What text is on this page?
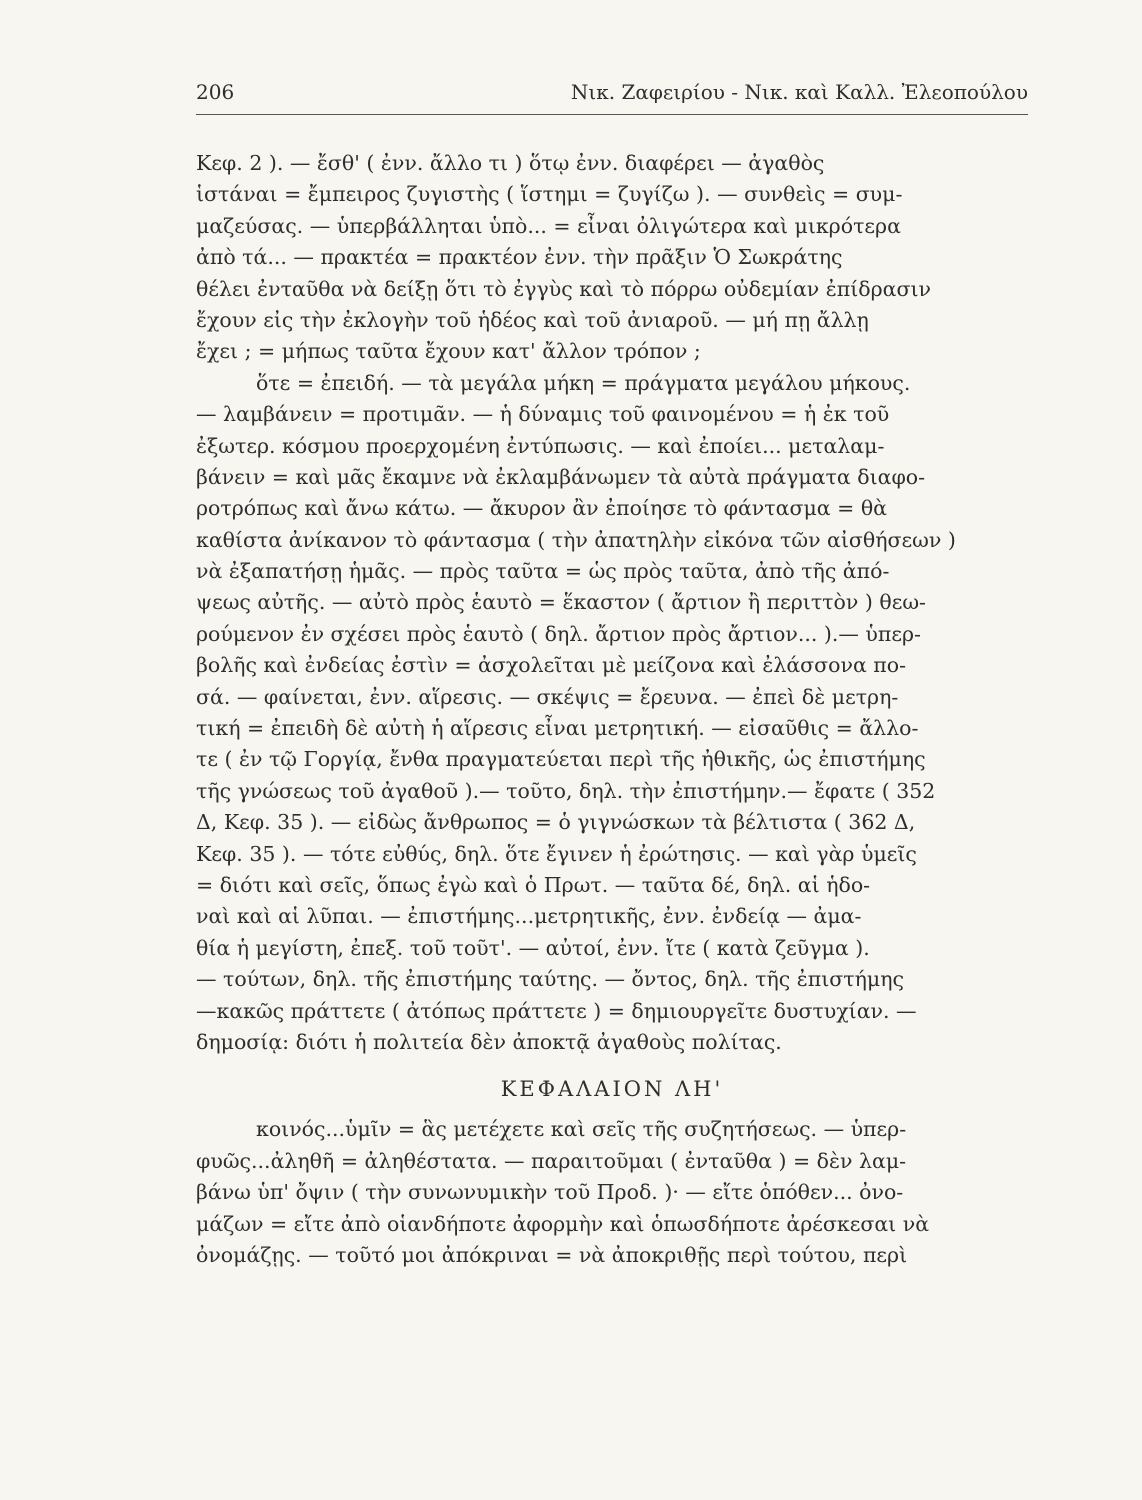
206	Νικ. Ζαφειρίου - Νικ. καὶ Καλλ. Ἐλεοπούλου
Κεφ. 2 ). — ἔσθ' ( ἐνν. ἄλλο τι ) ὅτῳ ἐνν. διαφέρει — ἀγαθὸς
ἱστάναι = ἔμπειρος ζυγιστὴς ( ἵστημι = ζυγίζω ). — συνθεὶς = συμ-
μαζεύσας. — ὑπερβάλληται ὑπὸ... = εἶναι ὀλιγώτερα καὶ μικρότερα
ἀπὸ τά... — πρακτέα = πρακτέον ἐνν. τὴν πρᾶξιν Ὁ Σωκράτης
θέλει ἐνταῦθα νὰ δείξῃ ὅτι τὸ ἐγγὺς καὶ τὸ πόρρω οὐδεμίαν ἐπίδρασιν
ἔχουν εἰς τὴν ἐκλογὴν τοῦ ἡδέος καὶ τοῦ ἀνιαροῦ. — μή πῃ ἄλλῃ
ἔχει ; = μήπως ταῦτα ἔχουν κατ' ἄλλον τρόπον ;
ὅτε = ἐπειδή. — τὰ μεγάλα μήκη = πράγματα μεγάλου μήκους.
— λαμβάνειν = προτιμᾶν. — ἡ δύναμις τοῦ φαινομένου = ἡ ἐκ τοῦ
ἐξωτερ. κόσμου προερχομένη ἐντύπωσις. — καὶ ἐποίει... μεταλαμ-
βάνειν = καὶ μᾶς ἔκαμνε νὰ ἐκλαμβάνωμεν τὰ αὐτὰ πράγματα διαφο-
ροτρόπως καὶ ἄνω κάτω. — ἄκυρον ἂν ἐποίησε τὸ φάντασμα = θὰ
καθίστα ἀνίκανον τὸ φάντασμα ( τὴν ἀπατηλὴν εἰκόνα τῶν αἰσθήσεων )
νὰ ἐξαπατήσῃ ἡμᾶς. — πρὸς ταῦτα = ὡς πρὸς ταῦτα, ἀπὸ τῆς ἀπό-
ψεως αὐτῆς. — αὐτὸ πρὸς ἑαυτὸ = ἕκαστον ( ἄρτιον ἢ περιττὸν ) θεω-
ρούμενον ἐν σχέσει πρὸς ἑαυτὸ ( δηλ. ἄρτιον πρὸς ἄρτιον... ).— ὑπερ-
βολῆς καὶ ἐνδείας ἐστὶν = ἀσχολεῖται μὲ μείζονα καὶ ἐλάσσονα πο-
σά. — φαίνεται, ἐνν. αἵρεσις. — σκέψις = ἔρευνα. — ἐπεὶ δὲ μετρη-
τική = ἐπειδὴ δὲ αὐτὴ ἡ αἵρεσις εἶναι μετρητική. — εἰσαῦθις = ἄλλο-
τε ( ἐν τῷ Γοργίᾳ, ἔνθα πραγματεύεται περὶ τῆς ἠθικῆς, ὡς ἐπιστήμης
τῆς γνώσεως τοῦ ἀγαθοῦ ).— τοῦτο, δηλ. τὴν ἐπιστήμην.— ἔφατε ( 352
Δ, Κεφ. 35 ). — εἰδὼς ἄνθρωπος = ὁ γιγνώσκων τὰ βέλτιστα ( 362 Δ,
Κεφ. 35 ). — τότε εὐθύς, δηλ. ὅτε ἔγινεν ἡ ἐρώτησις. — καὶ γὰρ ὑμεῖς
= διότι καὶ σεῖς, ὅπως ἐγὼ καὶ ὁ Πρωτ. — ταῦτα δέ, δηλ. αἱ ἡδο-
ναὶ καὶ αἱ λῦπαι. — ἐπιστήμης...μετρητικῆς, ἐνν. ἐνδείᾳ — ἀμα-
θία ἡ μεγίστη, ἐπεξ. τοῦ τοῦτ'. — αὐτοί, ἐνν. ἴτε ( κατὰ ζεῦγμα ).
— τούτων, δηλ. τῆς ἐπιστήμης ταύτης. — ὄντος, δηλ. τῆς ἐπιστήμης
—κακῶς πράττετε ( ἀτόπως πράττετε ) = δημιουργεῖτε δυστυχίαν. —
δημοσίᾳ: διότι ἡ πολιτεία δὲν ἀποκτᾷ ἀγαθοὺς πολίτας.
ΚΕΦΑΛΑΙΟΝ ΛΗ'
κοινός...ὑμῖν = ἃς μετέχετε καὶ σεῖς τῆς συζητήσεως. — ὑπερ-
φυῶς...ἀληθῆ = ἀληθέστατα. — παραιτοῦμαι ( ἐνταῦθα ) = δὲν λαμ-
βάνω ὑπ' ὄψιν ( τὴν συνωνυμικὴν τοῦ Προδ. )· — εἴτε ὁπόθεν... ὀνο-
μάζων = εἴτε ἀπὸ οἱανδήποτε ἀφορμὴν καὶ ὁπωσδήποτε ἀρέσκεσαι νὰ
ὀνομάζῃς. — τοῦτό μοι ἀπόκριναι = νὰ ἀποκριθῇς περὶ τούτου, περὶ
